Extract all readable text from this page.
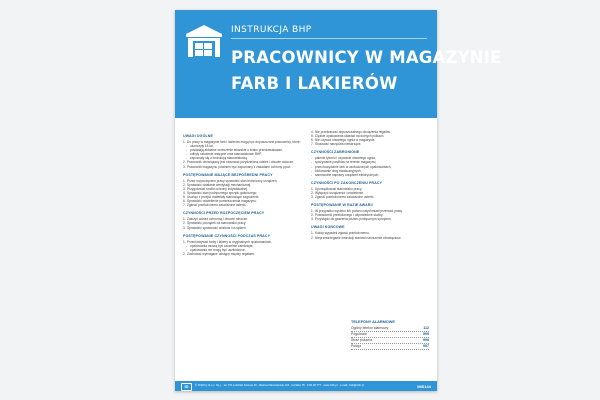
INSTRUKCJA BHP
PRACOWNICY W MAGAZYNIE
FARB I LAKIERÓW
UWAGI OGÓLNE
1. Do pracy w magazynie farb i lakierów mogą być dopuszczone pracownicy, które:
- ukończyły 18 lat,
- posiadają aktualne orzeczenie lekarskie o braku przeciwwskazań,
- odbyły szkolenie wstępne oraz stanowiskowe BHP,
- zapoznały się z instrukcją stanowiskową.
2. Pracownik obowiązany jest stosować przydzieloną odzież i obuwie robocze.
3. Pracownik magazynu powinien być zapoznany z zasadami ochrony ppoż.
POSTĘPOWANIE MAJĄCE BEZPOŚREDNI PRACY
1. Przed rozpoczęciem pracy sprawdzić stan techniczny urządzeń.
2. Sprawdzić działanie wentylacji mechanicznej.
3. Przygotować środki ochrony indywidualnej.
4. Sprawdzić stan podręcznego sprzętu gaśniczego.
5. Usunąć z przejść materiały stanowiące zagrożenie.
6. Sprawdzić oświetlenie pomieszczenia magazynu.
7. Zgłosić przełożonemu zauważone usterki.
CZYNNOŚCI PRZED ROZPOCZĘCIEM PRACY
1. Założyć odzież ochronną i obuwie robocze.
2. Sprawdzić porządek na stanowisku pracy.
3. Sprawdzić sprawność wózków i urządzeń.
POSTĘPOWANIE CZYNNOŚCI PODCZAS PRACY
1. Przechowywać farby i lakiery w oryginalnych opakowaniach.
- opakowania muszą być szczelnie zamknięte,
- opakowania nie mogą być uszkodzone.
2. Zachować wymagane odstępy między regałami.
4. Nie przekraczać dopuszczalnego obciążenia regałów.
5. Ciężkie opakowania układać na dolnych półkach.
6. Nie używać otwartego ognia w magazynie.
7. Stosować narzędzia nieiskrzące.
CZYNNOŚCI ZABRONIONE
- palenie tytoniu i używanie otwartego ognia,
- spożywanie posiłków na terenie magazynu,
- przechowywanie farb w uszkodzonych opakowaniach,
- blokowanie dróg ewakuacyjnych,
- samowolne naprawy urządzeń elektrycznych.
CZYNNOŚCI PO ZAKOŃCZENIU PRACY
1. Uporządkować stanowisko pracy.
2. Wyłączyć urządzenia i oświetlenie.
3. Zgłosić przełożonemu zauważone usterki.
POSTĘPOWANIE W RAZIE AWARII
1. W przypadku wycieku lub pożaru natychmiast przerwać pracę.
2. Powiadomić przełożonego i odpowiednie służby.
3. Przystąpić do gaszenia pożaru podręcznym sprzętem.
UWAGI KOŃCOWE
1. Każdy wypadek zgłosić przełożonemu.
2. Nieprzestrzeganie instrukcji stanowi naruszenie obowiązków.
TELEFONY ALARMOWE
Ogólny telefon alarmowy	112
Pogotowie	999
Straż pożarna	998
Policja	997
ID	© 2018 by Id s.c. Sp.j. · tel. 071 Łubiński Kolonia 20 - Zielona Mazowieckie 134 · tel./faks 78 · 9 00 00 777 · www.zisb.pl · e-mail: zisb@zisb.pl	IMS144
